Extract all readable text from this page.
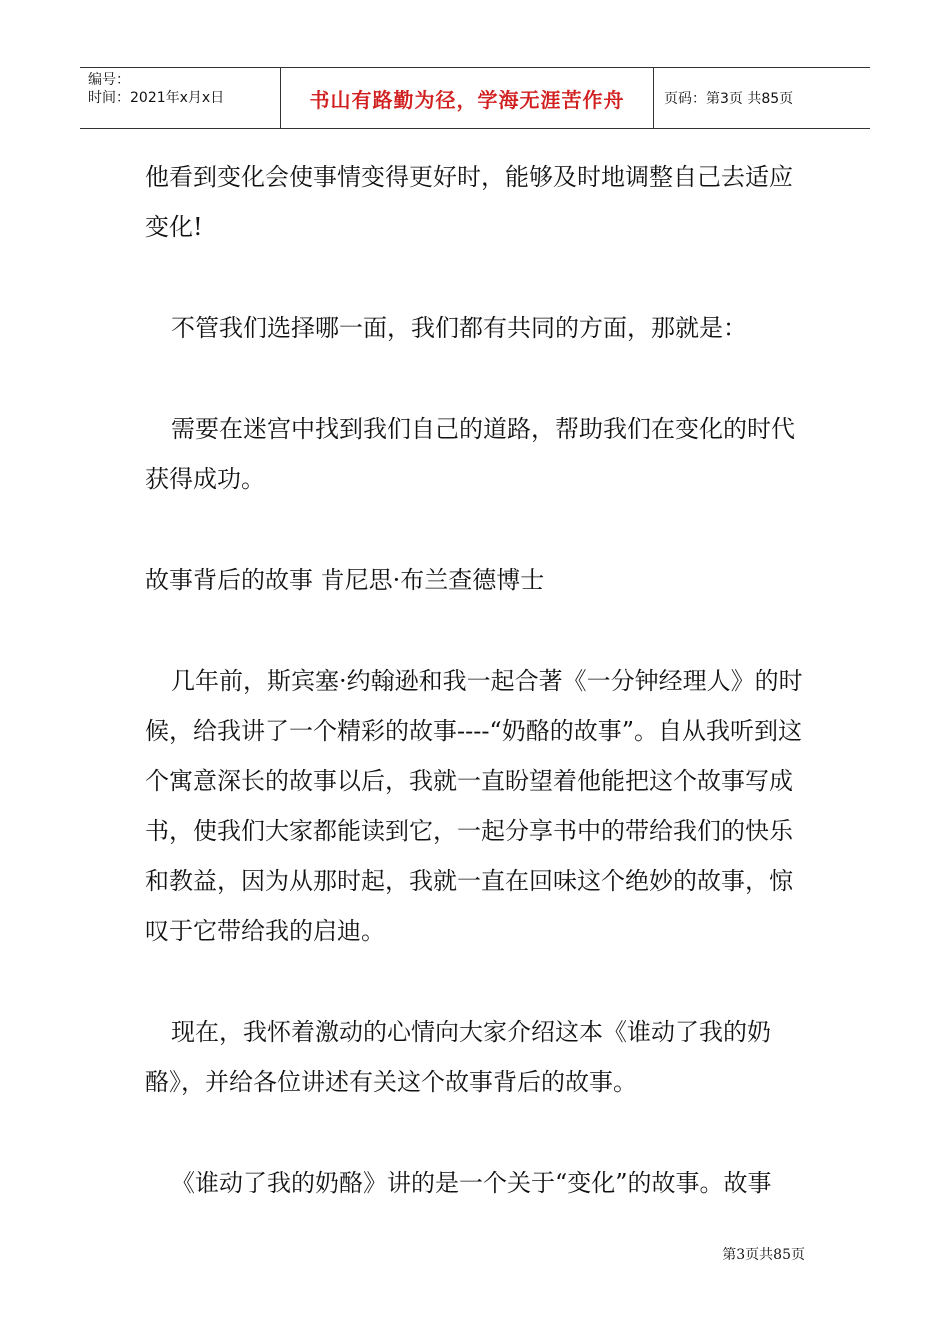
编号：
时间：2021年x月x日	书山有路勤为径，学海无涯苦作舟	页码：第3页 共85页

他看到变化会使事情变得更好时，能够及时地调整自己去适应变化!

不管我们选择哪一面，我们都有共同的方面，那就是：

需要在迷宫中找到我们自己的道路，帮助我们在变化的时代获得成功。

故事背后的故事 肯尼思·布兰查德博士

几年前，斯宾塞·约翰逊和我一起合著《一分钟经理人》的时候，给我讲了一个精彩的故事----“奶酪的故事”。自从我听到这个寓意深长的故事以后，我就一直盼望着他能把这个故事写成书，使我们大家都能读到它，一起分享书中的带给我们的快乐和教益，因为从那时起，我就一直在回味这个绝妙的故事，惊叹于它带给我的启迪。

现在，我怀着激动的心情向大家介绍这本《谁动了我的奶酪》，并给各位讲述有关这个故事背后的故事。

《谁动了我的奶酪》讲的是一个关于“变化”的故事。故事

第3页共85页
